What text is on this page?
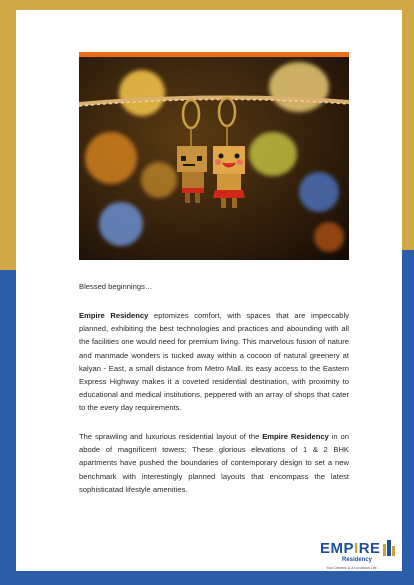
Blessed beginnings…
Empire Residency eptomizes comfort, with spaces that are impeccably planned, exhibiting the best technologies and practices and abounding with all the facilities one would need for premium living. This marvelous fusion of nature and manmade wonders is tucked away within a cocoon of natural greenery at kalyan - East, a small distance from Metro Mall. its easy access to the Eastern Express Highway makes it a coveted residential destination, with proximity to educational and medical institutions, peppered with an array of shops that cater to the every day requirements.
The sprawling and luxurious residential layout of the Empire Residency in on abode of magnificent towers; These glorious elevations of 1 & 2 BHK apartments have pushed the boundaries of contemporary design to set a new benchmark with interestingly planned layouts that encompass the latest sophisticatad lifestyle amenities.
EMPIRE
Residency
Your Dreams & a Luxurious Life...
